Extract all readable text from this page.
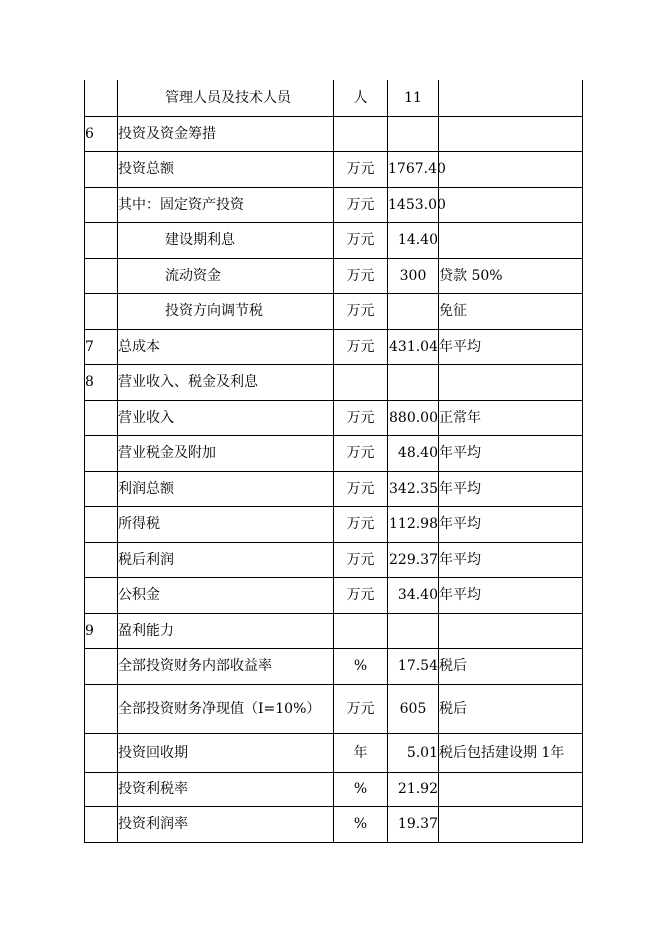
	管理人员及技术人员	人	11	
6	投资及资金筹措			
	投资总额	万元	1767.40	
	其中：固定资产投资	万元	1453.00	
	建设期利息	万元	14.40	
	流动资金	万元	300	贷款 50%
	投资方向调节税	万元		免征
7	总成本	万元	431.04	年平均
8	营业收入、税金及利息			
	营业收入	万元	880.00	正常年
	营业税金及附加	万元	48.40	年平均
	利润总额	万元	342.35	年平均
	所得税	万元	112.98	年平均
	税后利润	万元	229.37	年平均
	公积金	万元	34.40	年平均
9	盈利能力			
	全部投资财务内部收益率	%	17.54	税后
	全部投资财务净现值（I=10%）	万元	605	税后
	投资回收期	年	5.01	税后包括建设期 1年
	投资利税率	%	21.92	
	投资利润率	%	19.37	
